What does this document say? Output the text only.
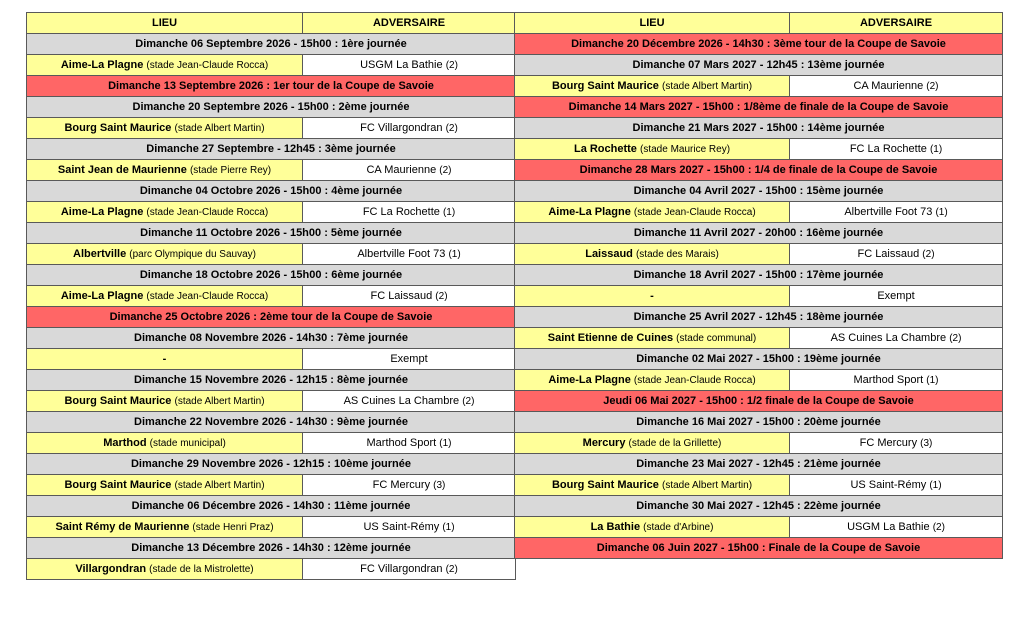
LIEU	ADVERSAIRE
Dimanche 06 Septembre 2026 - 15h00 : 1ère journée	
Aime-La Plagne (stade Jean-Claude Rocca)	USGM La Bathie (2)
Dimanche 13 Septembre 2026 : 1er tour de la Coupe de Savoie	
Dimanche 20 Septembre 2026 - 15h00 : 2ème journée	
Bourg Saint Maurice (stade Albert Martin)	FC Villargondran (2)
Dimanche 27 Septembre - 12h45 : 3ème journée	
Saint Jean de Maurienne (stade Pierre Rey)	CA Maurienne (2)
Dimanche 04 Octobre 2026 - 15h00 : 4ème journée	
Aime-La Plagne (stade Jean-Claude Rocca)	FC La Rochette (1)
Dimanche 11 Octobre 2026 - 15h00 : 5ème journée	
Albertville (parc Olympique du Sauvay)	Albertville Foot 73 (1)
Dimanche 18 Octobre 2026 - 15h00 : 6ème journée	
Aime-La Plagne (stade Jean-Claude Rocca)	FC Laissaud (2)
Dimanche 25 Octobre 2026 : 2ème tour de la Coupe de Savoie	
Dimanche 08 Novembre 2026 - 14h30 : 7ème journée	
-	Exempt
Dimanche 15 Novembre 2026 - 12h15 : 8ème journée	
Bourg Saint Maurice (stade Albert Martin)	AS Cuines La Chambre (2)
Dimanche 22 Novembre 2026 - 14h30 : 9ème journée	
Marthod (stade municipal)	Marthod Sport (1)
Dimanche 29 Novembre 2026 - 12h15 : 10ème journée	
Bourg Saint Maurice (stade Albert Martin)	FC Mercury (3)
Dimanche 06 Décembre 2026 - 14h30 : 11ème journée	
Saint Rémy de Maurienne (stade Henri Praz)	US Saint-Rémy (1)
Dimanche 13 Décembre 2026 - 14h30 : 12ème journée	
Villargondran (stade de la Mistrolette)	FC Villargondran (2)
LIEU	ADVERSAIRE
Dimanche 20 Décembre 2026 - 14h30 : 3ème tour de la Coupe de Savoie	
Dimanche 07 Mars 2027 - 12h45 : 13ème journée	
Bourg Saint Maurice (stade Albert Martin)	CA Maurienne (2)
Dimanche 14 Mars 2027 - 15h00 : 1/8ème de finale de la Coupe de Savoie	
Dimanche 21 Mars 2027 - 15h00 : 14ème journée	
La Rochette (stade Maurice Rey)	FC La Rochette (1)
Dimanche 28 Mars 2027 - 15h00 : 1/4 de finale de la Coupe de Savoie	
Dimanche 04 Avril 2027 - 15h00 : 15ème journée	
Aime-La Plagne (stade Jean-Claude Rocca)	Albertville Foot 73 (1)
Dimanche 11 Avril 2027 - 20h00 : 16ème journée	
Laissaud (stade des Marais)	FC Laissaud (2)
Dimanche 18 Avril 2027 - 15h00 : 17ème journée	
-	Exempt
Dimanche 25 Avril 2027 - 12h45 : 18ème journée	
Saint Etienne de Cuines (stade communal)	AS Cuines La Chambre (2)
Dimanche 02 Mai 2027 - 15h00 : 19ème journée	
Aime-La Plagne (stade Jean-Claude Rocca)	Marthod Sport (1)
Jeudi 06 Mai 2027 - 15h00 : 1/2 finale de la Coupe de Savoie	
Dimanche 16 Mai 2027 - 15h00 : 20ème journée	
Mercury (stade de la Grillette)	FC Mercury (3)
Dimanche 23 Mai 2027 - 12h45 : 21ème journée	
Bourg Saint Maurice (stade Albert Martin)	US Saint-Rémy (1)
Dimanche 30 Mai 2027 - 12h45 : 22ème journée	
La Bathie (stade d'Arbine)	USGM La Bathie (2)
Dimanche 06 Juin 2027 - 15h00 : Finale de la Coupe de Savoie	
